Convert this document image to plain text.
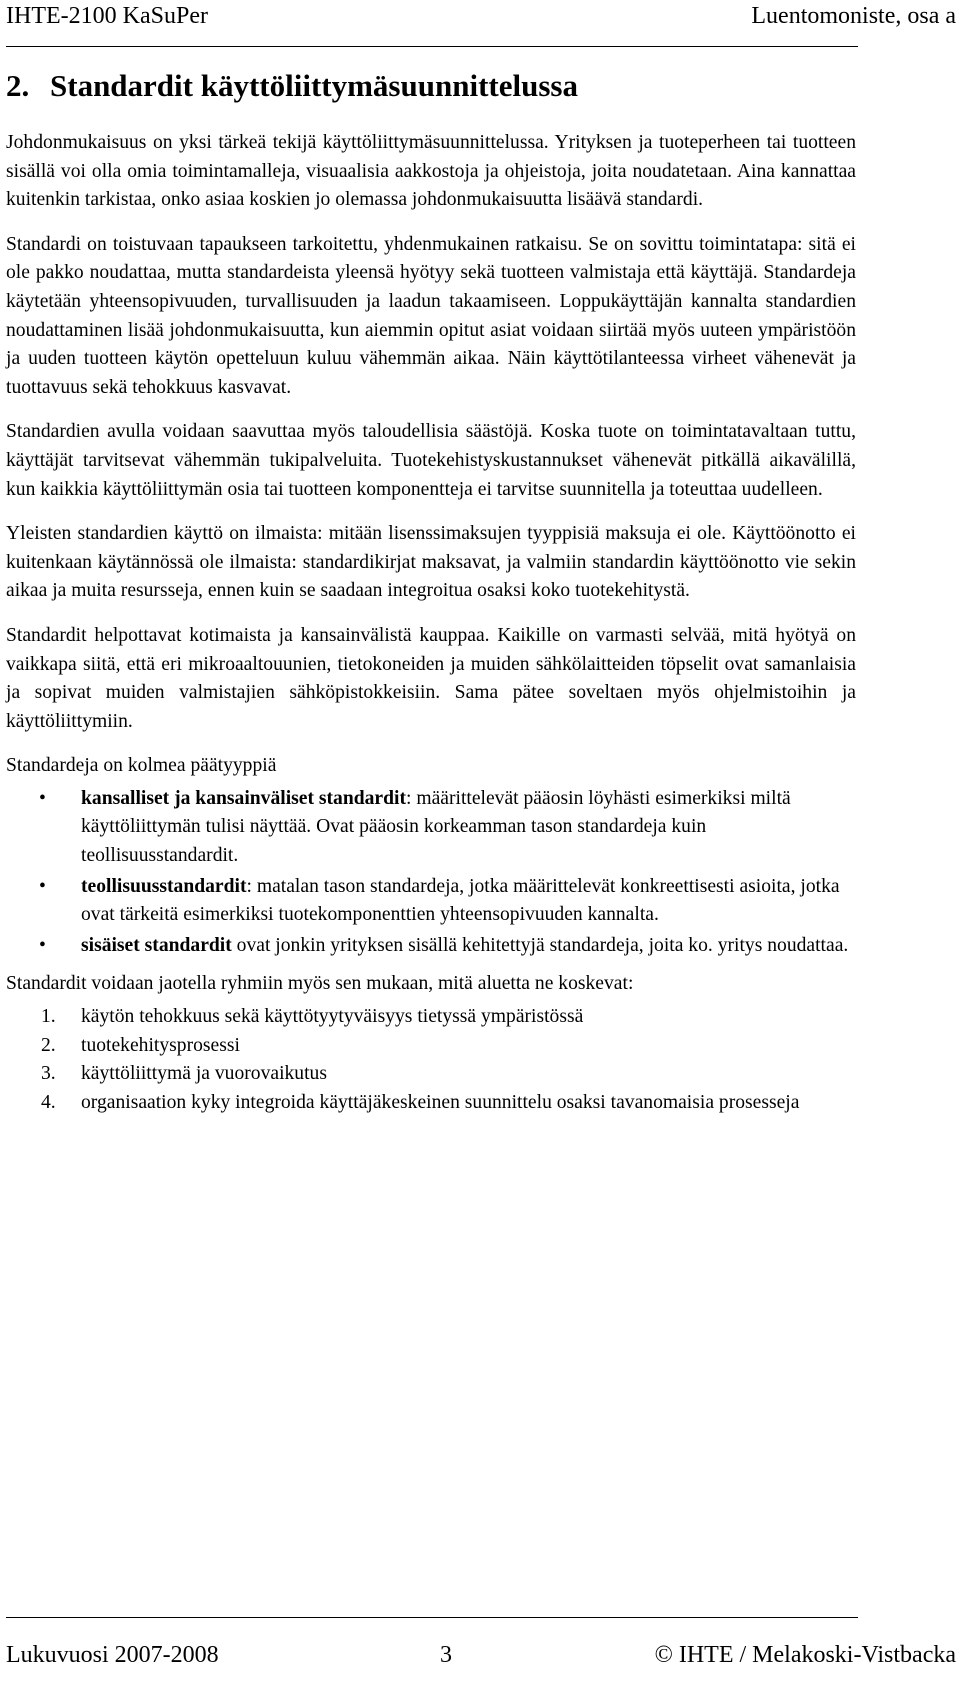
IHTE-2100 KaSuPer	Luentomoniste, osa a
2. Standardit käyttöliittymäsuunnittelussa

Johdonmukaisuus on yksi tärkeä tekijä käyttöliittymäsuunnittelussa. Yrityksen ja tuoteperheen tai tuotteen sisällä voi olla omia toimintamalleja, visuaalisia aakkostoja ja ohjeistoja, joita noudatetaan. Aina kannattaa kuitenkin tarkistaa, onko asiaa koskien jo olemassa johdonmukaisuutta lisäävä standardi.

Standardi on toistuvaan tapaukseen tarkoitettu, yhdenmukainen ratkaisu. Se on sovittu toimintatapa: sitä ei ole pakko noudattaa, mutta standardeista yleensä hyötyy sekä tuotteen valmistaja että käyttäjä. Standardeja käytetään yhteensopivuuden, turvallisuuden ja laadun takaamiseen. Loppukäyttäjän kannalta standardien noudattaminen lisää johdonmukaisuutta, kun aiemmin opitut asiat voidaan siirtää myös uuteen ympäristöön ja uuden tuotteen käytön opetteluun kuluu vähemmän aikaa. Näin käyttötilanteessa virheet vähenevät ja tuottavuus sekä tehokkuus kasvavat.

Standardien avulla voidaan saavuttaa myös taloudellisia säästöjä. Koska tuote on toimintatavaltaan tuttu, käyttäjät tarvitsevat vähemmän tukipalveluita. Tuotekehistyskustannukset vähenevät pitkällä aikavälillä, kun kaikkia käyttöliittymän osia tai tuotteen komponentteja ei tarvitse suunnitella ja toteuttaa uudelleen.

Yleisten standardien käyttö on ilmaista: mitään lisenssimaksujen tyyppisiä maksuja ei ole. Käyttöönotto ei kuitenkaan käytännössä ole ilmaista: standardikirjat maksavat, ja valmiin standardin käyttöönotto vie sekin aikaa ja muita resursseja, ennen kuin se saadaan integroitua osaksi koko tuotekehitystä.

Standardit helpottavat kotimaista ja kansainvälistä kauppaa. Kaikille on varmasti selvää, mitä hyötyä on vaikkapa siitä, että eri mikroaaltouunien, tietokoneiden ja muiden sähkölaitteiden töpselit ovat samanlaisia ja sopivat muiden valmistajien sähköpistokkeisiin. Sama pätee soveltaen myös ohjelmistoihin ja käyttöliittymiin.

Standardeja on kolmea päätyyppiä

• kansalliset ja kansainväliset standardit: määrittelevät pääosin löyhästi esimerkiksi miltä käyttöliittymän tulisi näyttää. Ovat pääosin korkeamman tason standardeja kuin teollisuusstandardit.
• teollisuusstandardit: matalan tason standardeja, jotka määrittelevät konkreettisesti asioita, jotka ovat tärkeitä esimerkiksi tuotekomponenttien yhteensopivuuden kannalta.
• sisäiset standardit ovat jonkin yrityksen sisällä kehitettyjä standardeja, joita ko. yritys noudattaa.

Standardit voidaan jaotella ryhmiin myös sen mukaan, mitä aluetta ne koskevat:

1. käytön tehokkuus sekä käyttötyytyväisyys tietyssä ympäristössä
2. tuotekehitysprosessi
3. käyttöliittymä ja vuorovaikutus
4. organisaation kyky integroida käyttäjäkeskeinen suunnittelu osaksi tavanomaisia prosesseja
Lukuvuosi 2007-2008	3	© IHTE / Melakoski-Vistbacka
